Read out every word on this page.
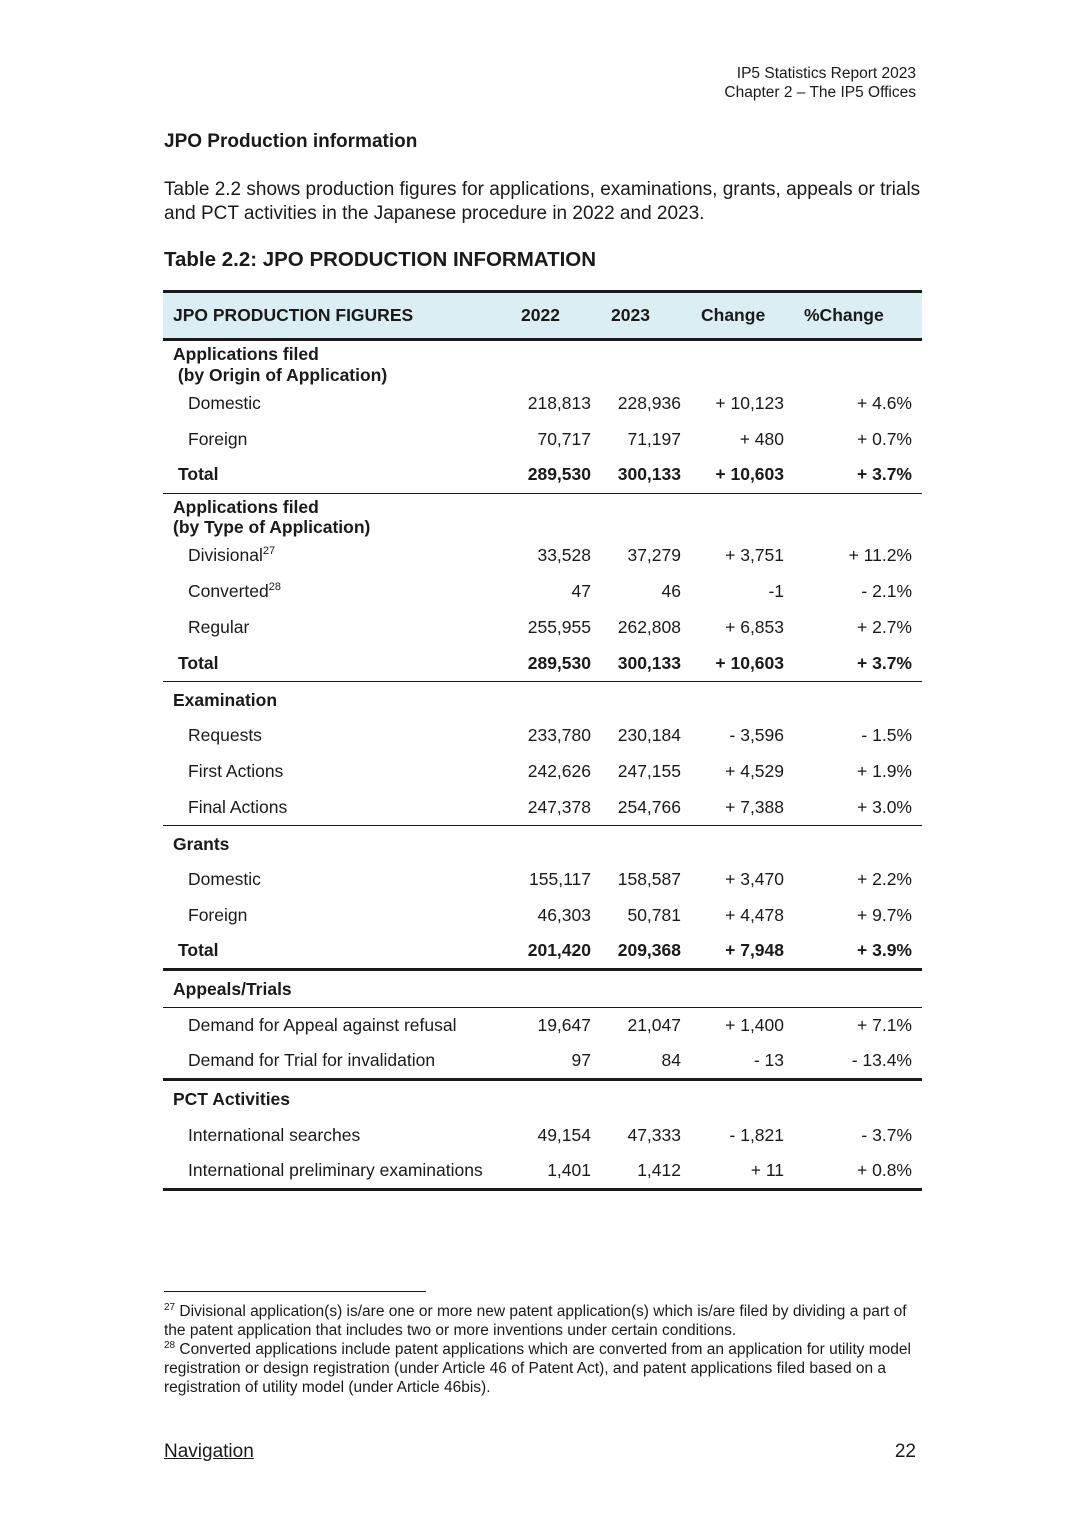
IP5 Statistics Report 2023
Chapter 2 – The IP5 Offices
JPO Production information
Table 2.2 shows production figures for applications, examinations, grants, appeals or trials and PCT activities in the Japanese procedure in 2022 and 2023.
Table 2.2: JPO PRODUCTION INFORMATION
JPO PRODUCTION FIGURES	2022	2023	Change	%Change

Applications filed
(by Origin of Application)				

Domestic	218,813	228,936	+ 10,123	+ 4.6%
Foreign	70,717	71,197	+ 480	+ 0.7%
Total	289,530	300,133	+ 10,603	+ 3.7%

Applications filed
(by Type of Application)				

Divisional$^{27}$	33,528	37,279	+ 3,751	+ 11.2%
Converted$^{28}$	47	46	-1	- 2.1%
Regular	255,955	262,808	+ 6,853	+ 2.7%
Total	289,530	300,133	+ 10,603	+ 3.7%
Examination				
Requests	233,780	230,184	- 3,596	- 1.5%
First Actions	242,626	247,155	+ 4,529	+ 1.9%
Final Actions	247,378	254,766	+ 7,388	+ 3.0%
Grants				
Domestic	155,117	158,587	+ 3,470	+ 2.2%
Foreign	46,303	50,781	+ 4,478	+ 9.7%
Total	201,420	209,368	+ 7,948	+ 3.9%
Appeals/Trials				
Demand for Appeal against refusal	19,647	21,047	+ 1,400	+ 7.1%
Demand for Trial for invalidation	97	84	- 13	- 13.4%
PCT Activities				
International searches	49,154	47,333	- 1,821	- 3.7%
International preliminary examinations	1,401	1,412	+ 11	+ 0.8%

$^{27}$ Divisional application(s) is/are one or more new patent application(s) which is/are filed by dividing a part of the patent application that includes two or more inventions under certain conditions.

$^{28}$ Converted applications include patent applications which are converted from an application for utility model registration or design registration (under Article 46 of Patent Act), and patent applications filed based on a registration of utility model (under Article 46bis).

Navigation	22
